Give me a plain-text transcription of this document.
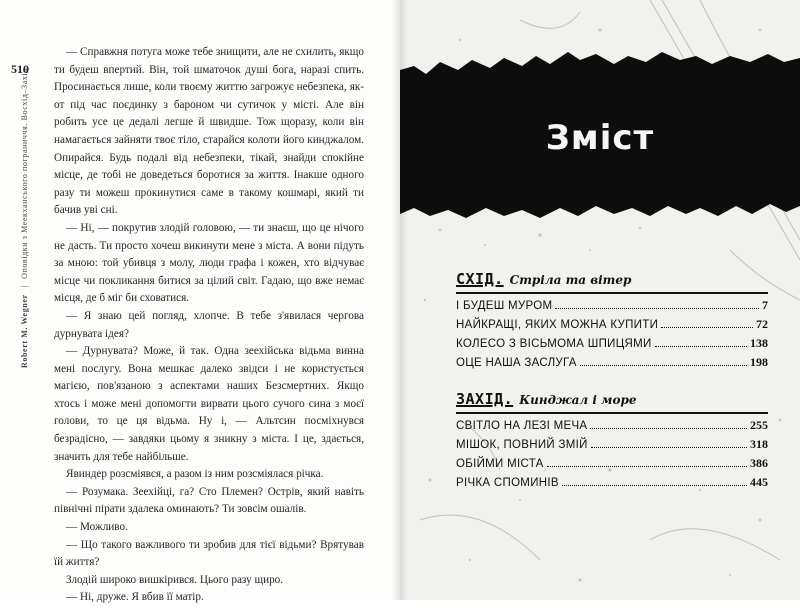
510
Robert M. Wegner | Оповідки з Меекханського пограниччя. Восхід–Захід

— Справжня потуга може тебе знищити, але не схилить, якщо ти будеш впертий. Він, той шматочок душі бога, наразі спить. Просинається лише, коли твоєму життю загрожує небезпека, як-от під час поєдинку з бароном чи сутичок у місті. Але він робить усе це дедалі легше й швидше. Тож щоразу, коли він намагається зайняти твоє тіло, старайся колоти його кинджалом. Опирайся. Будь подалі від небезпеки, тікай, знайди спокійне місце, де тобі не доведеться боротися за життя. Інакше одного разу ти можеш прокинутися саме в такому кошмарі, який ти бачив уві сні.

— Ні, — покрутив злодій головою, — ти знаєш, що це нічого не дасть. Ти просто хочеш викинути мене з міста. А вони підуть за мною: той убивця з молу, люди графа і кожен, хто відчуває місце чи покликання битися за цілий світ. Гадаю, що вже немає місця, де б міг би сховатися.

— Я знаю цей погляд, хлопче. В тебе з'явилася чергова дурнувата ідея?

— Дурнувата? Може, й так. Одна зеехійська відьма винна мені послугу. Вона мешкає далеко звідси і не користується магією, пов'язаною з аспектами наших Безсмертних. Якщо хтось і може мені допомогти вирвати цього сучого сина з моєї голови, то це ця відьма. Ну і, — Альтсин посміхнувся безрадісно, — завдяки цьому я зникну з міста. І це, здається, значить для тебе найбільше.

Явиндер розсміявся, а разом із ним розсміялася річка.

— Розумака. Зеехійці, га? Сто Племен? Острів, який навіть північні пірати здалека оминають? Ти зовсім ошалів.

— Можливо.

— Що такого важливого ти зробив для тієї відьми? Врятував їй життя?

Злодій широко вишкірився. Цього разу щиро.

— Ні, друже. Я вбив її матір.

Зміст
СХІД. Стріла та вітер
І БУДЕШ МУРОМ	7
НАЙКРАЩІ, ЯКИХ МОЖНА КУПИТИ	72
КОЛЕСО З ВІСЬМОМА ШПИЦЯМИ	138
ОЦЕ НАША ЗАСЛУГА	198
ЗАХІД. Кинджал і море
СВІТЛО НА ЛЕЗІ МЕЧА	255
МІШОК, ПОВНИЙ ЗМІЙ	318
ОБІЙМИ МІСТА	386
РІЧКА СПОМИНІВ	445
